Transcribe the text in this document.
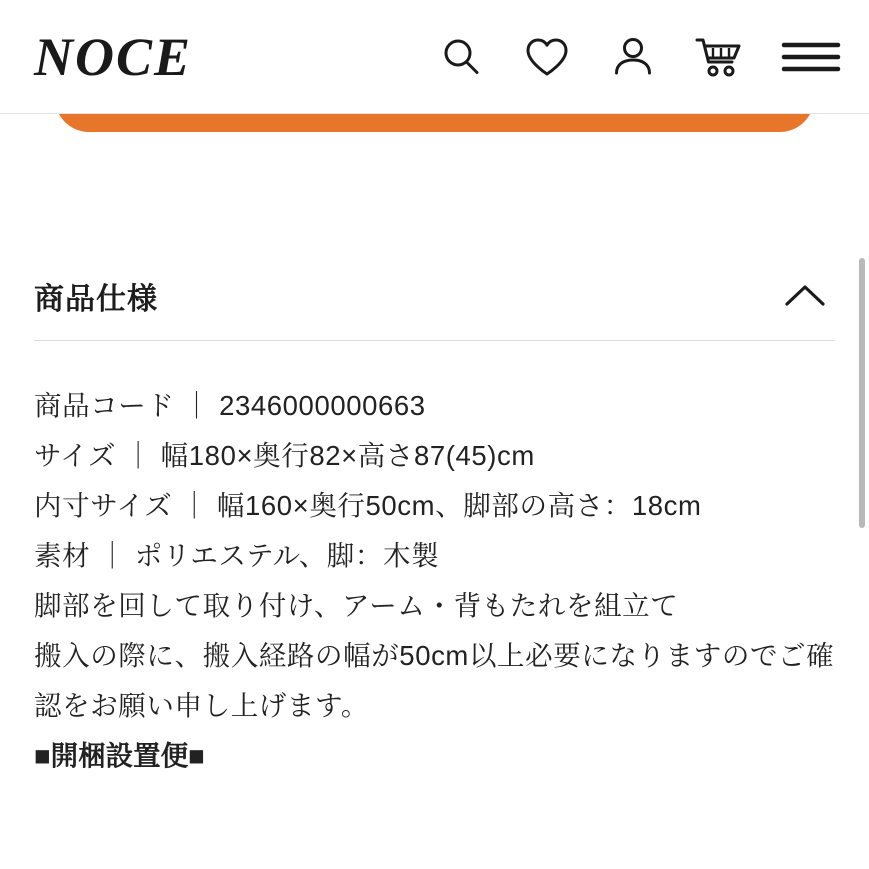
NOCE
商品仕様
商品コード ｜ 2346000000663
サイズ ｜ 幅180×奥行82×高さ87(45)cm
内寸サイズ ｜ 幅160×奥行50cm、脚部の高さ：18cm
素材 ｜ ポリエステル、脚：木製
脚部を回して取り付け、アーム・背もたれを組立て
搬入の際に、搬入経路の幅が50cm以上必要になりますのでご確認をお願い申し上げます。
■開梱設置便■
